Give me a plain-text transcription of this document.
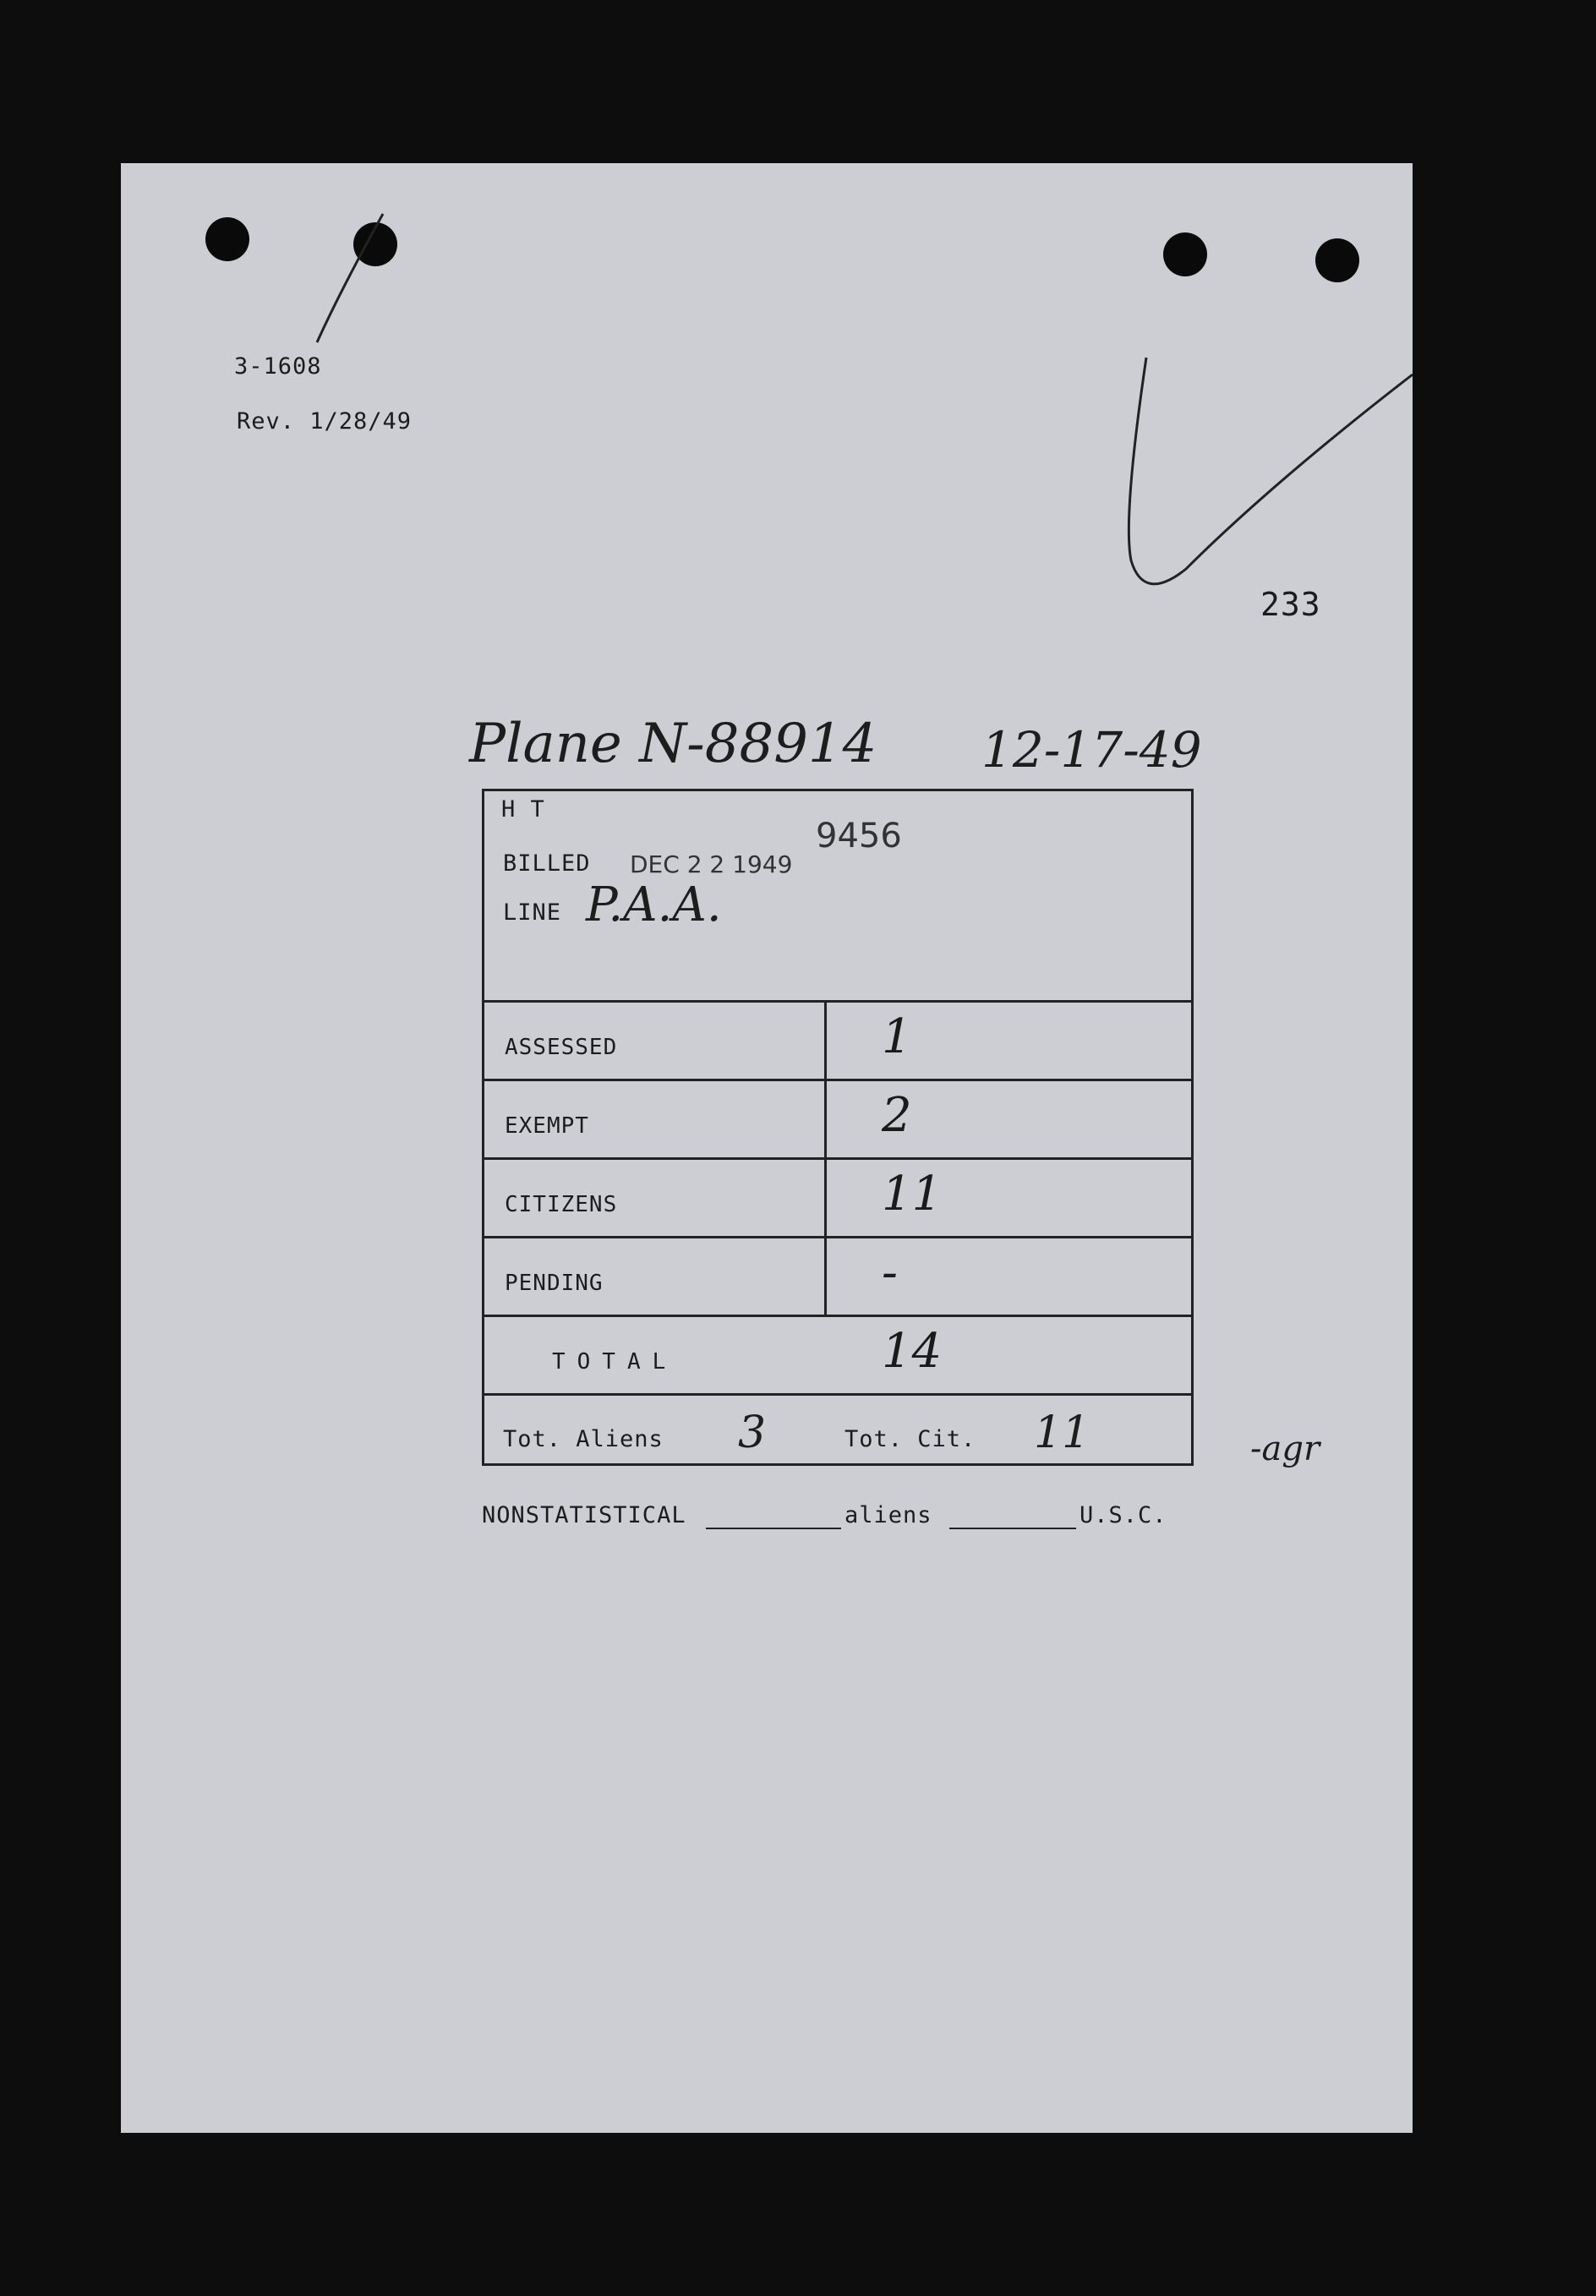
3-1608
Rev. 1/28/49
233
Plane N-88914 12-17-49
H T
BILLED DEC 2 2 1949
9456
LINE P.A.A.
ASSESSED	1
EXEMPT	2
CITIZENS	11
PENDING	-
TOTAL	14
Tot. Aliens 3	Tot. Cit. 11	-agr
NONSTATISTICAL	aliens	U.S.C.
